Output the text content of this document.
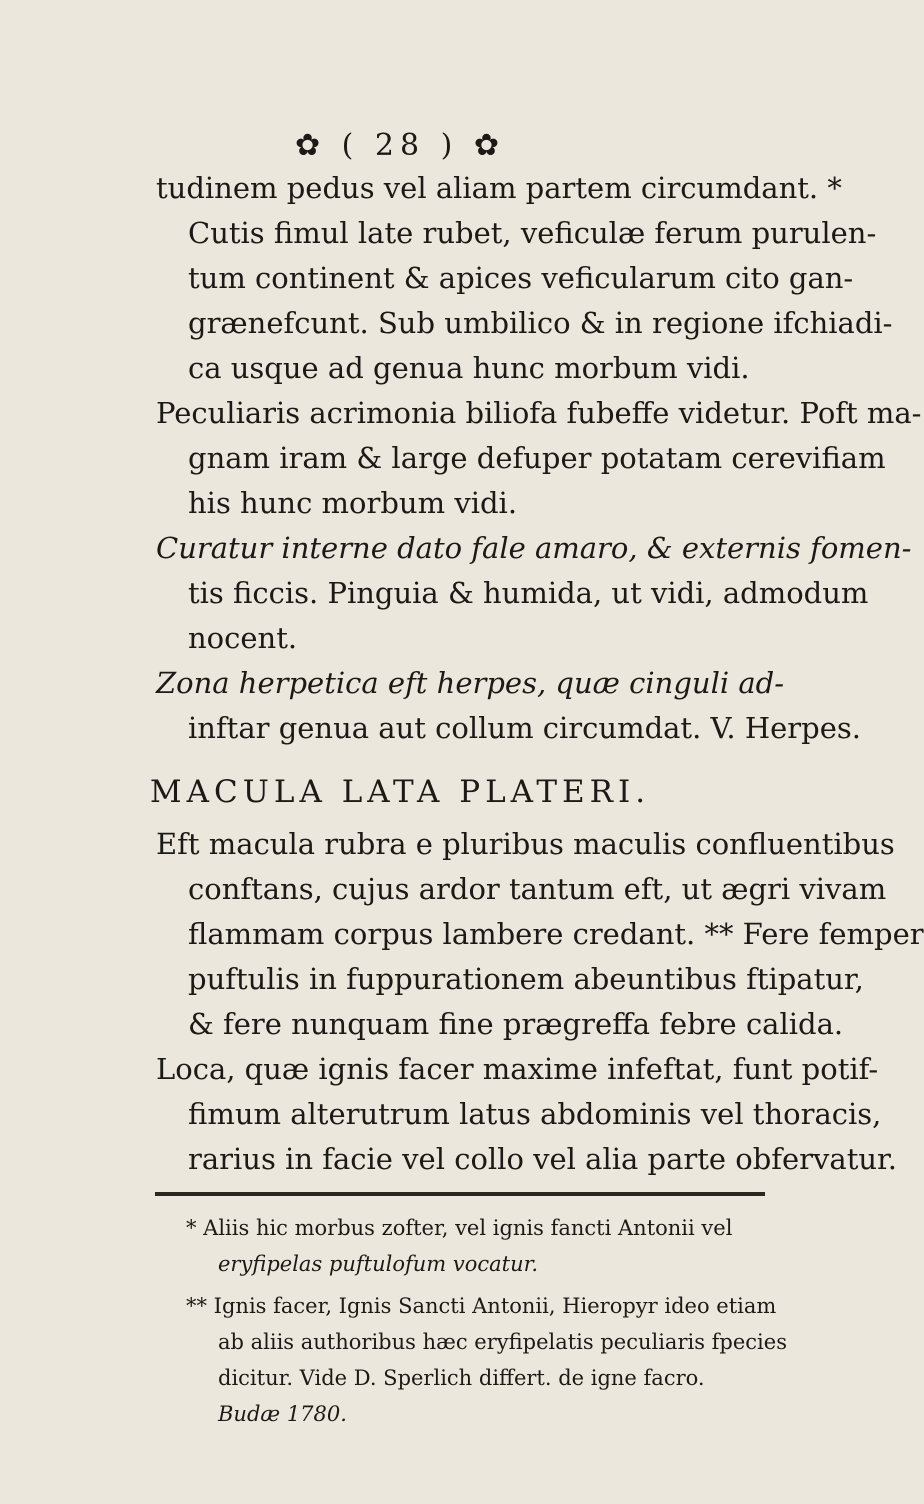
✿ ( 28 ) ✿
tudinem pedus vel aliam partem circumdant. *
Cutis fimul late rubet, veficulæ ferum purulen-
tum continent & apices veficularum cito gan-
grænefcunt. Sub umbilico & in regione ifchiadi-
ca usque ad genua hunc morbum vidi.
Peculiaris acrimonia biliofa fubeffe videtur. Poft ma-
gnam iram & large defuper potatam cerevifiam
his hunc morbum vidi.
Curatur interne dato fale amaro, & externis fomen-
tis ficcis. Pinguia & humida, ut vidi, admodum
nocent.
Zona herpetica eft herpes, quæ cinguli ad-
inftar genua aut collum circumdat. V. Herpes.
MACULA LATA PLATERI.
Eft macula rubra e pluribus maculis confluentibus
conftans, cujus ardor tantum eft, ut ægri vivam
flammam corpus lambere credant. ** Fere femper
puftulis in fuppurationem abeuntibus ftipatur,
& fere nunquam fine prægreffa febre calida.
Loca, quæ ignis facer maxime infeftat, funt potif-
fimum alterutrum latus abdominis vel thoracis,
* Aliis hic morbus zofter, vel ignis fancti Antonii vel
eryfipelas puftulofum vocatur.
** Ignis facer, Ignis Sancti Antonii, Hieropyr ideo etiam
ab aliis authoribus hæc eryfipelatis peculiaris fpecies
dicitur. Vide D. Sperlich differt. de igne facro.
Budæ 1780.
rarius in facie vel collo vel alia parte obfervatur.
